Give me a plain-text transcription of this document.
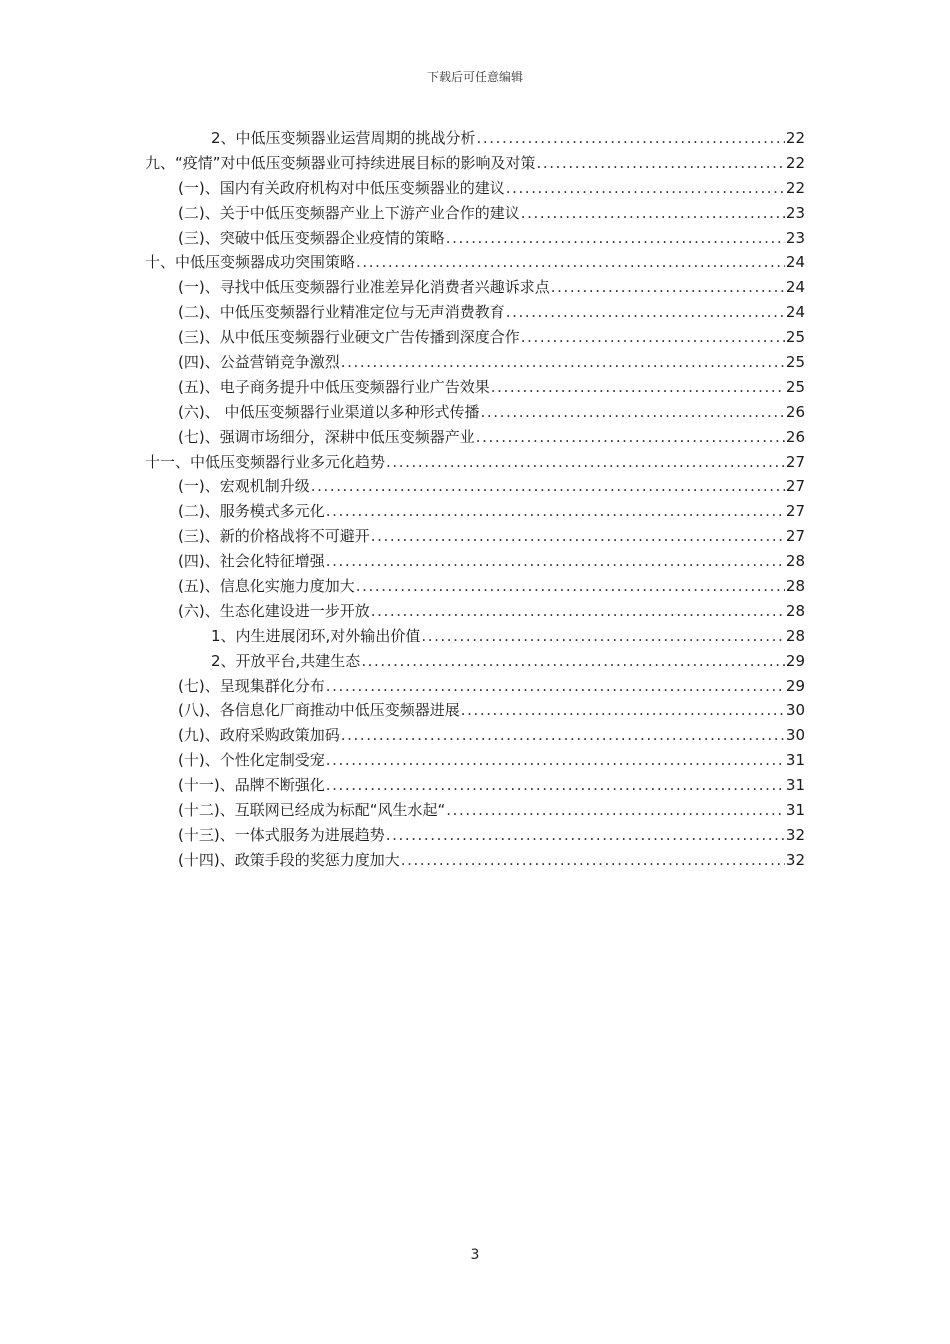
下载后可任意编辑
2、中低压变频器业运营周期的挑战分析 .....	22
九、“疫情”对中低压变频器业可持续进展目标的影响及对策 .....	22
(一)、国内有关政府机构对中低压变频器业的建议 .....	22
(二)、关于中低压变频器产业上下游产业合作的建议 .....	23
(三)、突破中低压变频器企业疫情的策略 .....	23
十、中低压变频器成功突围策略 .....	24
(一)、寻找中低压变频器行业准差异化消费者兴趣诉求点 .....	24
(二)、中低压变频器行业精准定位与无声消费教育 .....	24
(三)、从中低压变频器行业硬文广告传播到深度合作 .....	25
(四)、公益营销竞争激烈 .....	25
(五)、电子商务提升中低压变频器行业广告效果 .....	25
(六)、 中低压变频器行业渠道以多种形式传播 .....	26
(七)、强调市场细分，深耕中低压变频器产业 .....	26
十一、中低压变频器行业多元化趋势 .....	27
(一)、宏观机制升级 .....	27
(二)、服务模式多元化 .....	27
(三)、新的价格战将不可避开 .....	27
(四)、社会化特征增强 .....	28
(五)、信息化实施力度加大 .....	28
(六)、生态化建设进一步开放 .....	28
1、内生进展闭环,对外输出价值 .....	28
2、开放平台,共建生态 .....	29
(七)、呈现集群化分布 .....	29
(八)、各信息化厂商推动中低压变频器进展 .....	30
(九)、政府采购政策加码 .....	30
(十)、个性化定制受宠 .....	31
(十一)、品牌不断强化 .....	31
(十二)、互联网已经成为标配“风生水起“ .....	31
(十三)、一体式服务为进展趋势 .....	32
(十四)、政策手段的奖惩力度加大 .....	32
3
